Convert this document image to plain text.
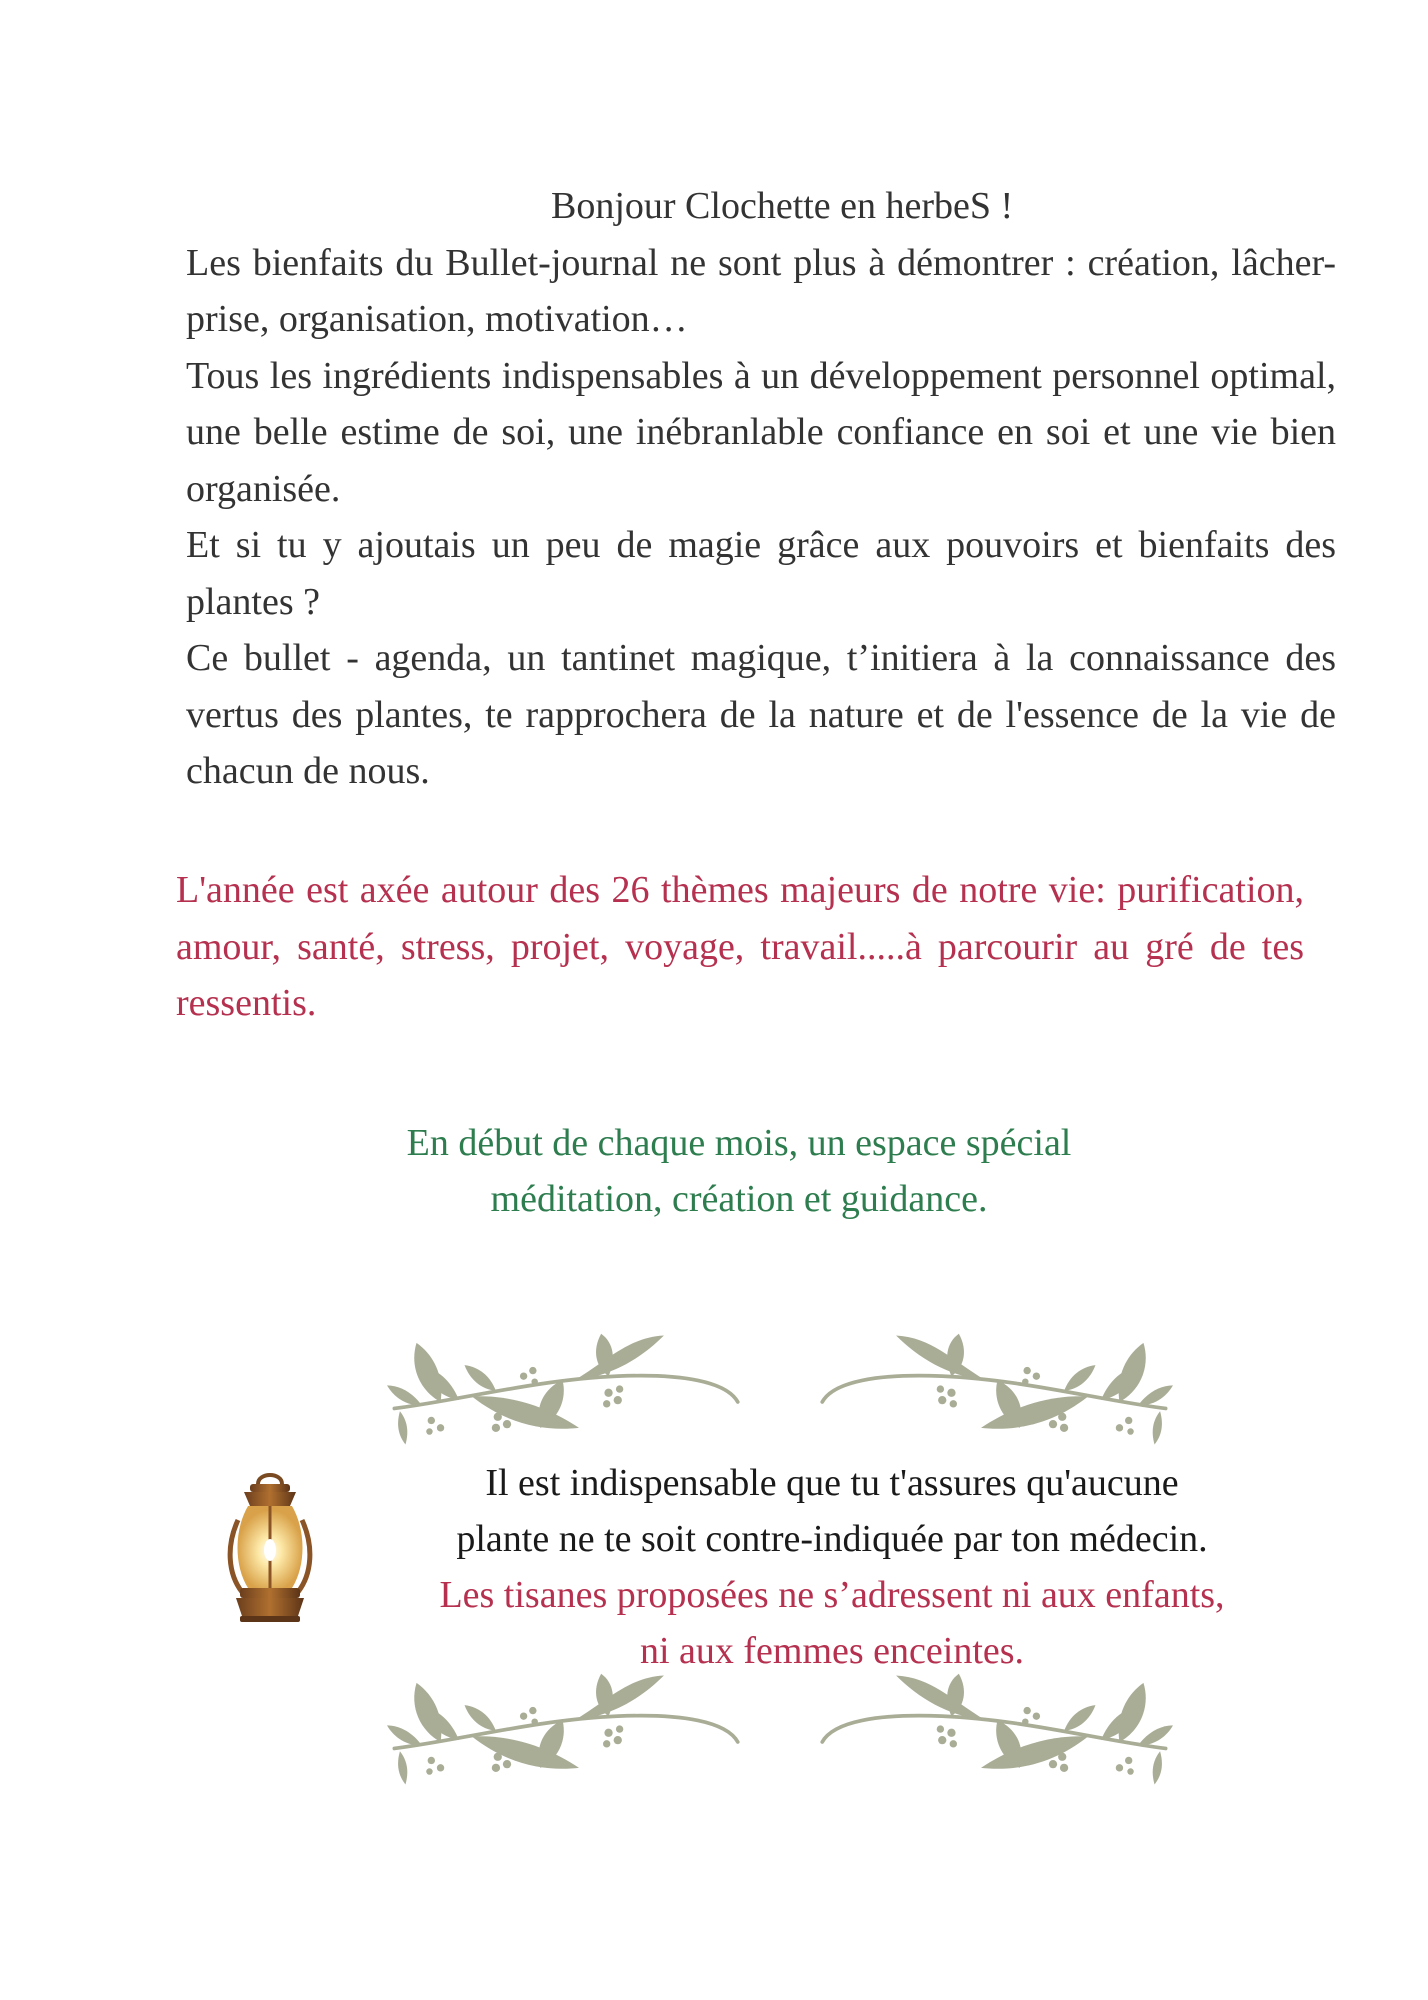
Bonjour Clochette en herbeS !

Les bienfaits du Bullet-journal ne sont plus à démontrer : création, lâcher-prise, organisation, motivation…

Tous les ingrédients indispensables à un développement personnel optimal, une belle estime de soi, une inébranlable confiance en soi et une vie bien organisée.

Et si tu y ajoutais un peu de magie grâce aux pouvoirs et bienfaits des plantes ?

Ce bullet - agenda, un tantinet magique, t’initiera à la connaissance des vertus des plantes, te rapprochera de la nature et de l'essence de la vie de chacun de nous.

L'année est axée autour des 26 thèmes majeurs de notre vie: purification, amour, santé, stress, projet, voyage, travail.....à parcourir au gré de tes ressentis.

En début de chaque mois, un espace spécial

méditation, création et guidance.

Il est indispensable que tu t'assures qu'aucune

plante ne te soit contre-indiquée par ton médecin.

Les tisanes proposées ne s’adressent ni aux enfants,

ni aux femmes enceintes.
